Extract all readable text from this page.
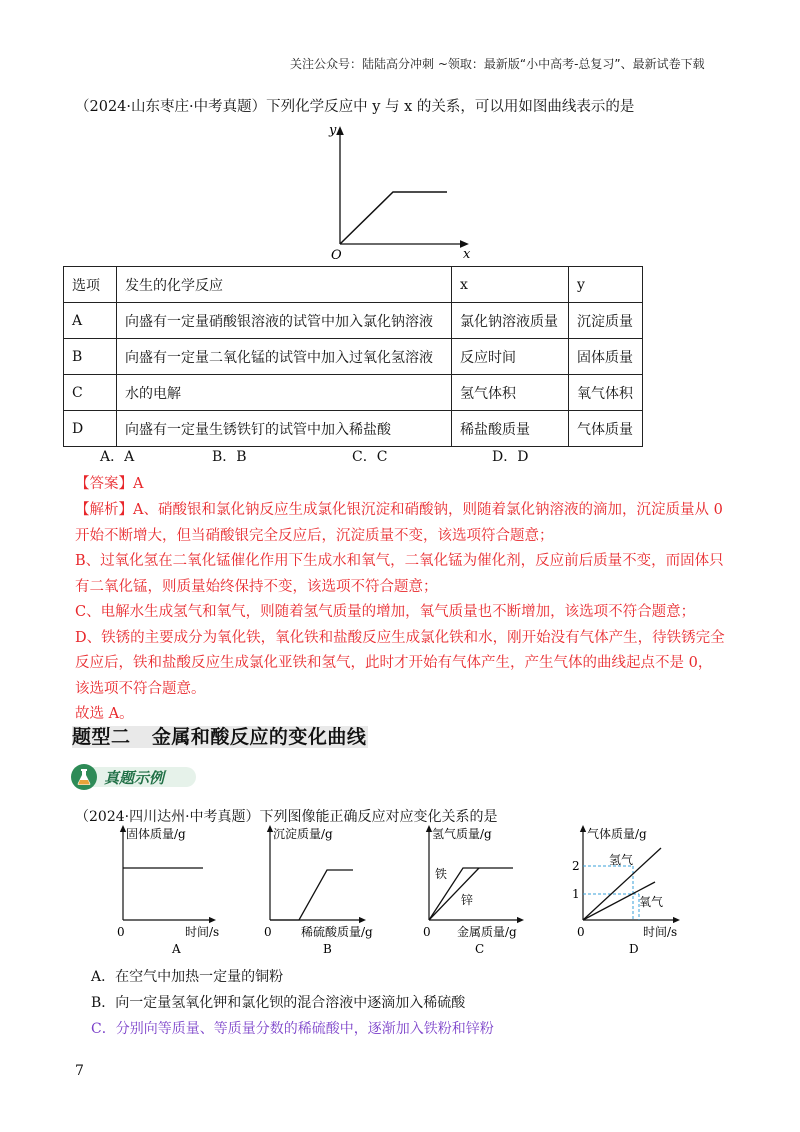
关注公众号：陆陆高分冲刺 ~领取：最新版“小中高考-总复习”、最新试卷下载
（2024·山东枣庄·中考真题）下列化学反应中 y 与 x 的关系，可以用如图曲线表示的是
y
x
O
选项	发生的化学反应	x	y
A	向盛有一定量硝酸银溶液的试管中加入氯化钠溶液	氯化钠溶液质量	沉淀质量
B	向盛有一定量二氧化锰的试管中加入过氧化氢溶液	反应时间	固体质量
C	水的电解	氢气体积	氧气体积
D	向盛有一定量生锈铁钉的试管中加入稀盐酸	稀盐酸质量	气体质量
A．A	B．B	C．C	D．D
【答案】A

【解析】A、硝酸银和氯化钠反应生成氯化银沉淀和硝酸钠，则随着氯化钠溶液的滴加，沉淀质量从 0 开始不断增大，但当硝酸银完全反应后，沉淀质量不变，该选项符合题意；

B、过氧化氢在二氧化锰催化作用下生成水和氧气，二氧化锰为催化剂，反应前后质量不变，而固体只有二氧化锰，则质量始终保持不变，该选项不符合题意；

C、电解水生成氢气和氧气，则随着氢气质量的增加，氧气质量也不断增加，该选项不符合题意；

D、铁锈的主要成分为氧化铁，氧化铁和盐酸反应生成氯化铁和水，刚开始没有气体产生，待铁锈完全反应后，铁和盐酸反应生成氯化亚铁和氢气，此时才开始有气体产生，产生气体的曲线起点不是 0，该选项不符合题意。

故选 A。

题型二   金属和酸反应的变化曲线
真题示例
（2024·四川达州·中考真题）下列图像能正确反应对应变化关系的是
固体质量/g
时间/s
0
A
沉淀质量/g
稀硫酸质量/g
0
B
氢气质量/g
铁
锌
金属质量/g
0
C
气体质量/g
2
1
氢气
氧气
时间/s
0
D
A．在空气中加热一定量的铜粉
B．向一定量氢氧化钾和氯化钡的混合溶液中逐滴加入稀硫酸
C．分别向等质量、等质量分数的稀硫酸中，逐渐加入铁粉和锌粉
7
